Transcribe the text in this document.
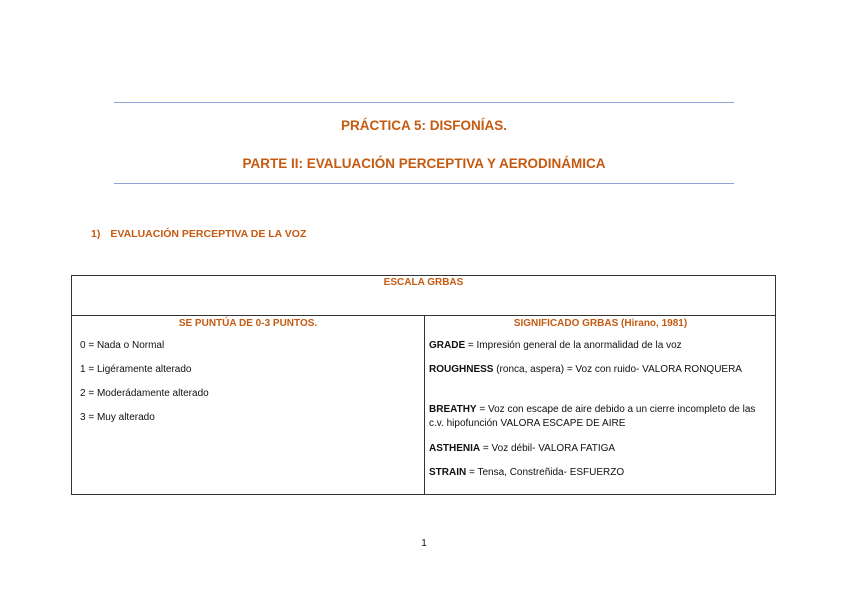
PRÁCTICA 5: DISFONÍAS.
PARTE II: EVALUACIÓN PERCEPTIVA Y AERODINÁMICA
1) EVALUACIÓN PERCEPTIVA DE LA VOZ
ESCALA GRBAS
SE PUNTÚA DE 0-3 PUNTOS.	SIGNIFICADO GRBAS (Hirano, 1981)
0 = Nada o Normal
1 = Ligéramente alterado
2 = Moderádamente alterado
3 = Muy alterado
GRADE = Impresión general de la anormalidad de la voz
ROUGHNESS (ronca, aspera) = Voz con ruido- VALORA RONQUERA
BREATHY = Voz con escape de aire debido a un cierre incompleto de las c.v. hipofunción VALORA ESCAPE DE AIRE
ASTHENIA = Voz débil- VALORA FATIGA
STRAIN = Tensa, Constreñida- ESFUERZO
1
